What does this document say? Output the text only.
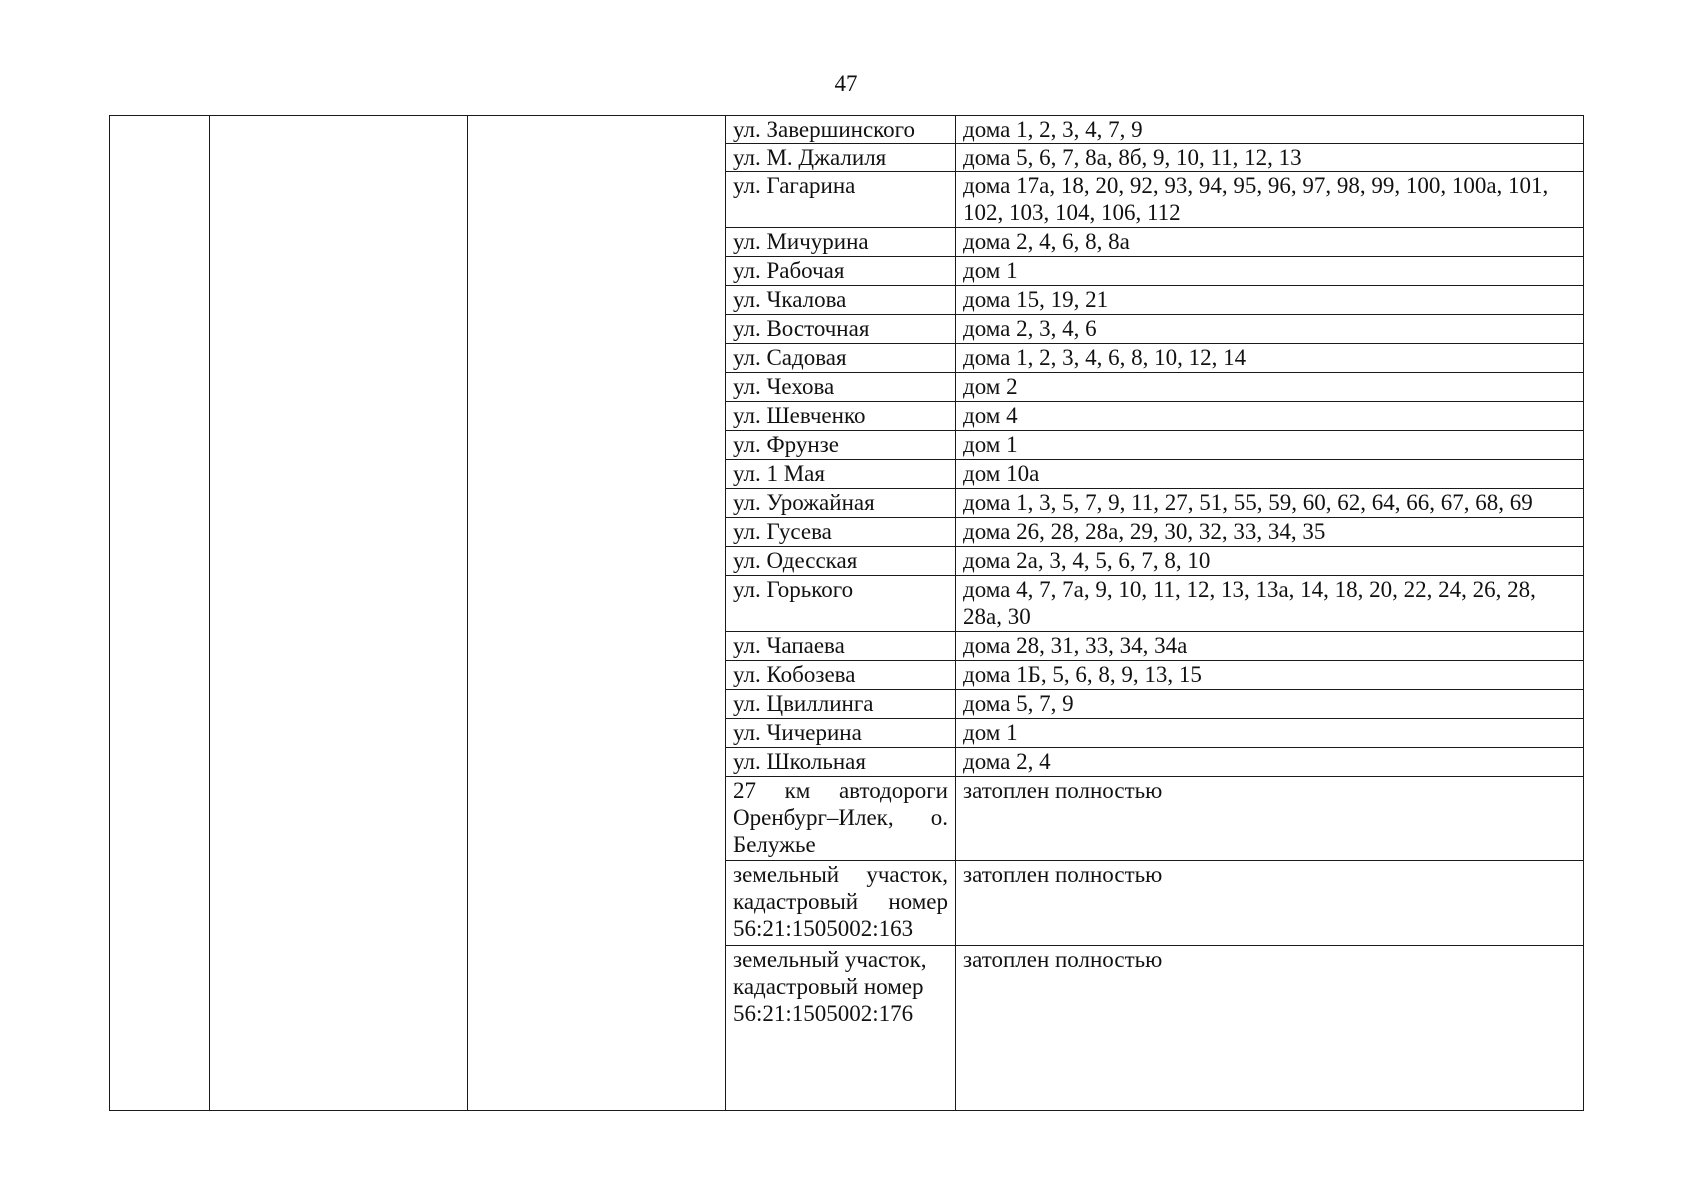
47
			ул. Завершинского	дома 1, 2, 3, 4, 7, 9
			ул. М. Джалиля	дома 5, 6, 7, 8а, 8б, 9, 10, 11, 12, 13
			ул. Гагарина	дома 17а, 18, 20, 92, 93, 94, 95, 96, 97, 98, 99, 100, 100а, 101, 102, 103, 104, 106, 112
			ул. Мичурина	дома 2, 4, 6, 8, 8а
			ул. Рабочая	дом 1
			ул. Чкалова	дома 15, 19, 21
			ул. Восточная	дома 2, 3, 4, 6
			ул. Садовая	дома 1, 2, 3, 4, 6, 8, 10, 12, 14
			ул. Чехова	дом 2
			ул. Шевченко	дом 4
			ул. Фрунзе	дом 1
			ул. 1 Мая	дом 10а
			ул. Урожайная	дома 1, 3, 5, 7, 9, 11, 27, 51, 55, 59, 60, 62, 64, 66, 67, 68, 69
			ул. Гусева	дома 26, 28, 28а, 29, 30, 32, 33, 34, 35
			ул. Одесская	дома 2а, 3, 4, 5, 6, 7, 8, 10
			ул. Горького	дома 4, 7, 7а, 9, 10, 11, 12, 13, 13а, 14, 18, 20, 22, 24, 26, 28, 28а, 30
			ул. Чапаева	дома 28, 31, 33, 34, 34а
			ул. Кобозева	дома 1Б, 5, 6, 8, 9, 13, 15
			ул. Цвиллинга	дома 5, 7, 9
			ул. Чичерина	дом 1
			ул. Школьная	дома 2, 4
			27 км автодороги Оренбург–Илек, о. Белужье	затоплен полностью
			земельный участок, кадастровый номер 56:21:1505002:163	затоплен полностью
			земельный участок, кадастровый номер 56:21:1505002:176	затоплен полностью
